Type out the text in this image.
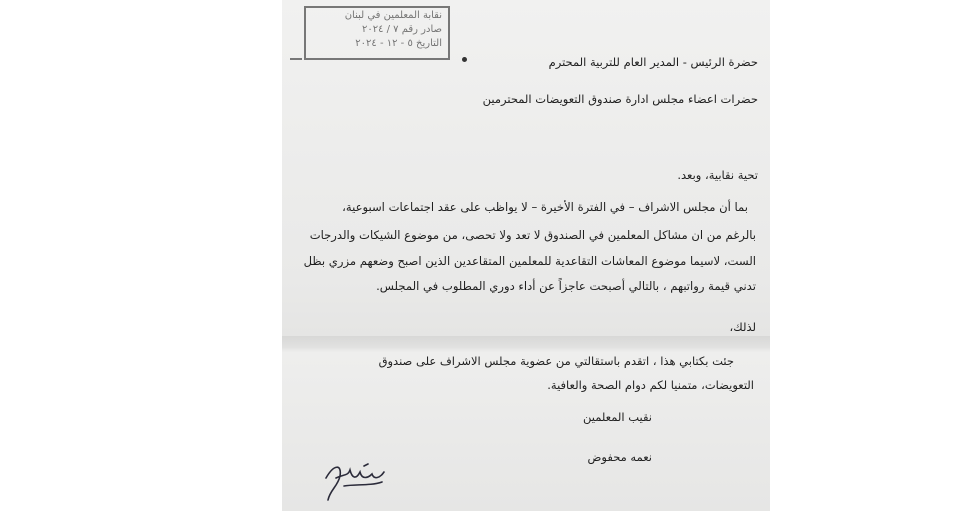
نقابة المعلمين في لبنان
صادر رقم ٧ / ٢٠٢٤
التاريخ ٥ - ١٢ - ٢٠٢٤
حضرة الرئيس - المدير العام للتربية المحترم
حضرات اعضاء مجلس ادارة صندوق التعويضات المحترمين
تحية نقابية، وبعد.
بما أن مجلس الاشراف – في الفترة الأخيرة – لا يواظب على عقد اجتماعات اسبوعية،
بالرغم من ان مشاكل المعلمين في الصندوق لا تعد ولا تحصى، من موضوع الشيكات والدرجات
الست، لاسيما موضوع المعاشات التقاعدية للمعلمين المتقاعدين الذين اصبح وضعهم مزري بظل
تدني قيمة رواتبهم ، بالتالي أصبحت عاجزاً عن أداء دوري المطلوب في المجلس.
لذلك،
جئت بكتابي هذا ، اتقدم باستقالتي من عضوية مجلس الاشراف على صندوق
التعويضات، متمنيا لكم دوام الصحة والعافية.
نقيب المعلمين
نعمه محفوض
